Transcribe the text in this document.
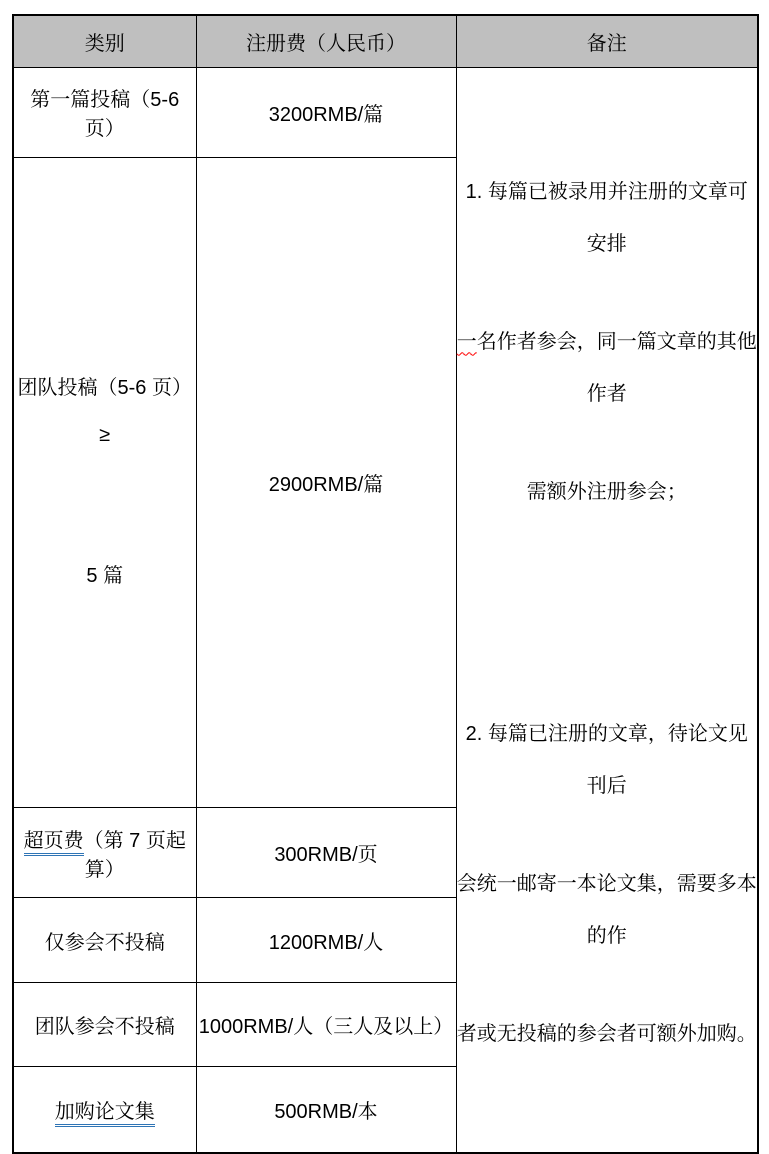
类别	注册费（人民币）	备注
第一篇投稿（5-6 页）	3200RMB/篇	

1. 每篇已被录用并注册的文章可安排

一名作者参会，同一篇文章的其他作者

需额外注册参会；

2. 每篇已注册的文章，待论文见刊后

会统一邮寄一本论文集，需要多本的作

者或无投稿的参会者可额外加购。

团队投稿（5-6 页）≥

5 篇	2900RMB/篇	
超页费（第 7 页起算）	300RMB/页	
仅参会不投稿	1200RMB/人	
团队参会不投稿	1000RMB/人（三人及以上）	
加购论文集	500RMB/本	
